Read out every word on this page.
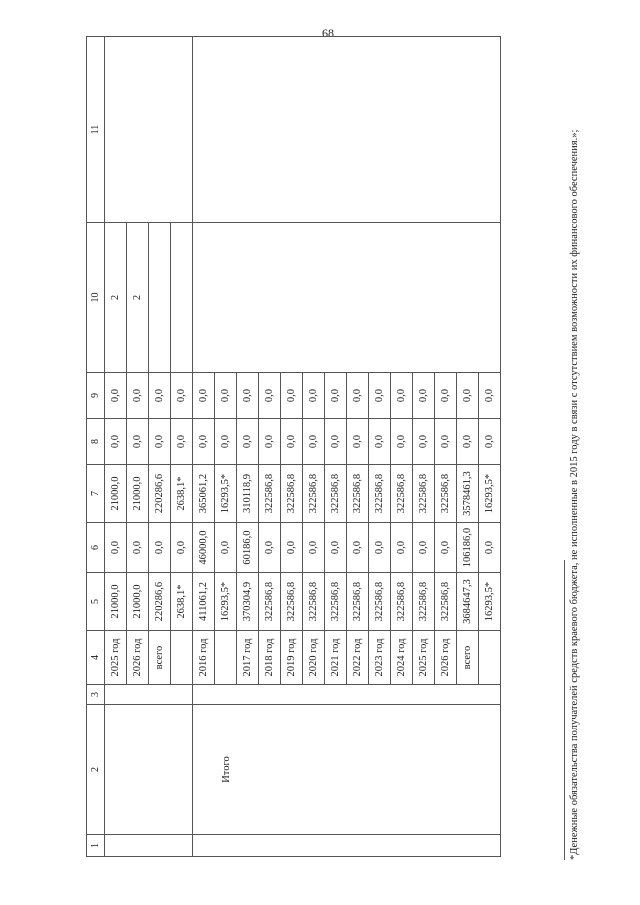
68
1	2	3	4	5	6	7	8	9	10	11
			2025 год	21000,0	0,0	21000,0	0,0	0,0	2	
			2026 год	21000,0	0,0	21000,0	0,0	0,0	2	
			всего	220286,6	0,0	220286,6	0,0	0,0		
				2638,1*	0,0	2638,1*	0,0	0,0		
	Итого		2016 год	411061,2	46000,0	365061,2	0,0	0,0		
				16293,5*	0,0	16293,5*	0,0	0,0		
			2017 год	370304,9	60186,0	310118,9	0,0	0,0		
			2018 год	322586,8	0,0	322586,8	0,0	0,0		
			2019 год	322586,8	0,0	322586,8	0,0	0,0		
			2020 год	322586,8	0,0	322586,8	0,0	0,0		
			2021 год	322586,8	0,0	322586,8	0,0	0,0		
			2022 год	322586,8	0,0	322586,8	0,0	0,0		
			2023 год	322586,8	0,0	322586,8	0,0	0,0		
			2024 год	322586,8	0,0	322586,8	0,0	0,0		
			2025 год	322586,8	0,0	322586,8	0,0	0,0		
			2026 год	322586,8	0,0	322586,8	0,0	0,0		
			всего	3684647,3	106186,0	3578461,3	0,0	0,0		
				16293,5*	0,0	16293,5*	0,0	0,0			*Денежные обязательства получателей средств краевого бюджета, не исполненные в 2015 году в связи с отсутствием возможности их финансового обеспечения.»;
